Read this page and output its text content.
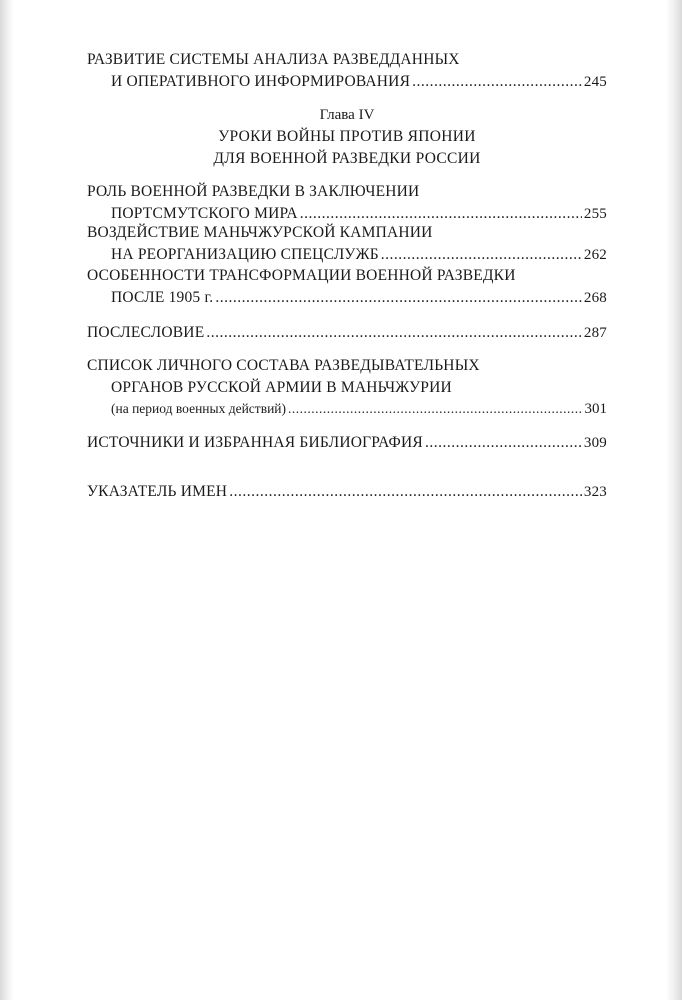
РАЗВИТИЕ СИСТЕМЫ АНАЛИЗА РАЗВЕДДАННЫХ
И ОПЕРАТИВНОГО ИНФОРМИРОВАНИЯ .....	245
Глава IV
УРОКИ ВОЙНЫ ПРОТИВ ЯПОНИИ
ДЛЯ ВОЕННОЙ РАЗВЕДКИ РОССИИ
РОЛЬ ВОЕННОЙ РАЗВЕДКИ В ЗАКЛЮЧЕНИИ
ПОРТСМУТСКОГО МИРА .....	255
ВОЗДЕЙСТВИЕ МАНЬЧЖУРСКОЙ КАМПАНИИ
НА РЕОРГАНИЗАЦИЮ СПЕЦСЛУЖБ .....	262
ОСОБЕННОСТИ ТРАНСФОРМАЦИИ ВОЕННОЙ РАЗВЕДКИ
ПОСЛЕ 1905 г. .....	268
ПОСЛЕСЛОВИЕ .....	287
СПИСОК ЛИЧНОГО СОСТАВА РАЗВЕДЫВАТЕЛЬНЫХ
ОРГАНОВ РУССКОЙ АРМИИ В МАНЬЧЖУРИИ
(на период военных действий) .....	301
ИСТОЧНИКИ И ИЗБРАННАЯ БИБЛИОГРАФИЯ .....	309
УКАЗАТЕЛЬ ИМЕН .....	323
